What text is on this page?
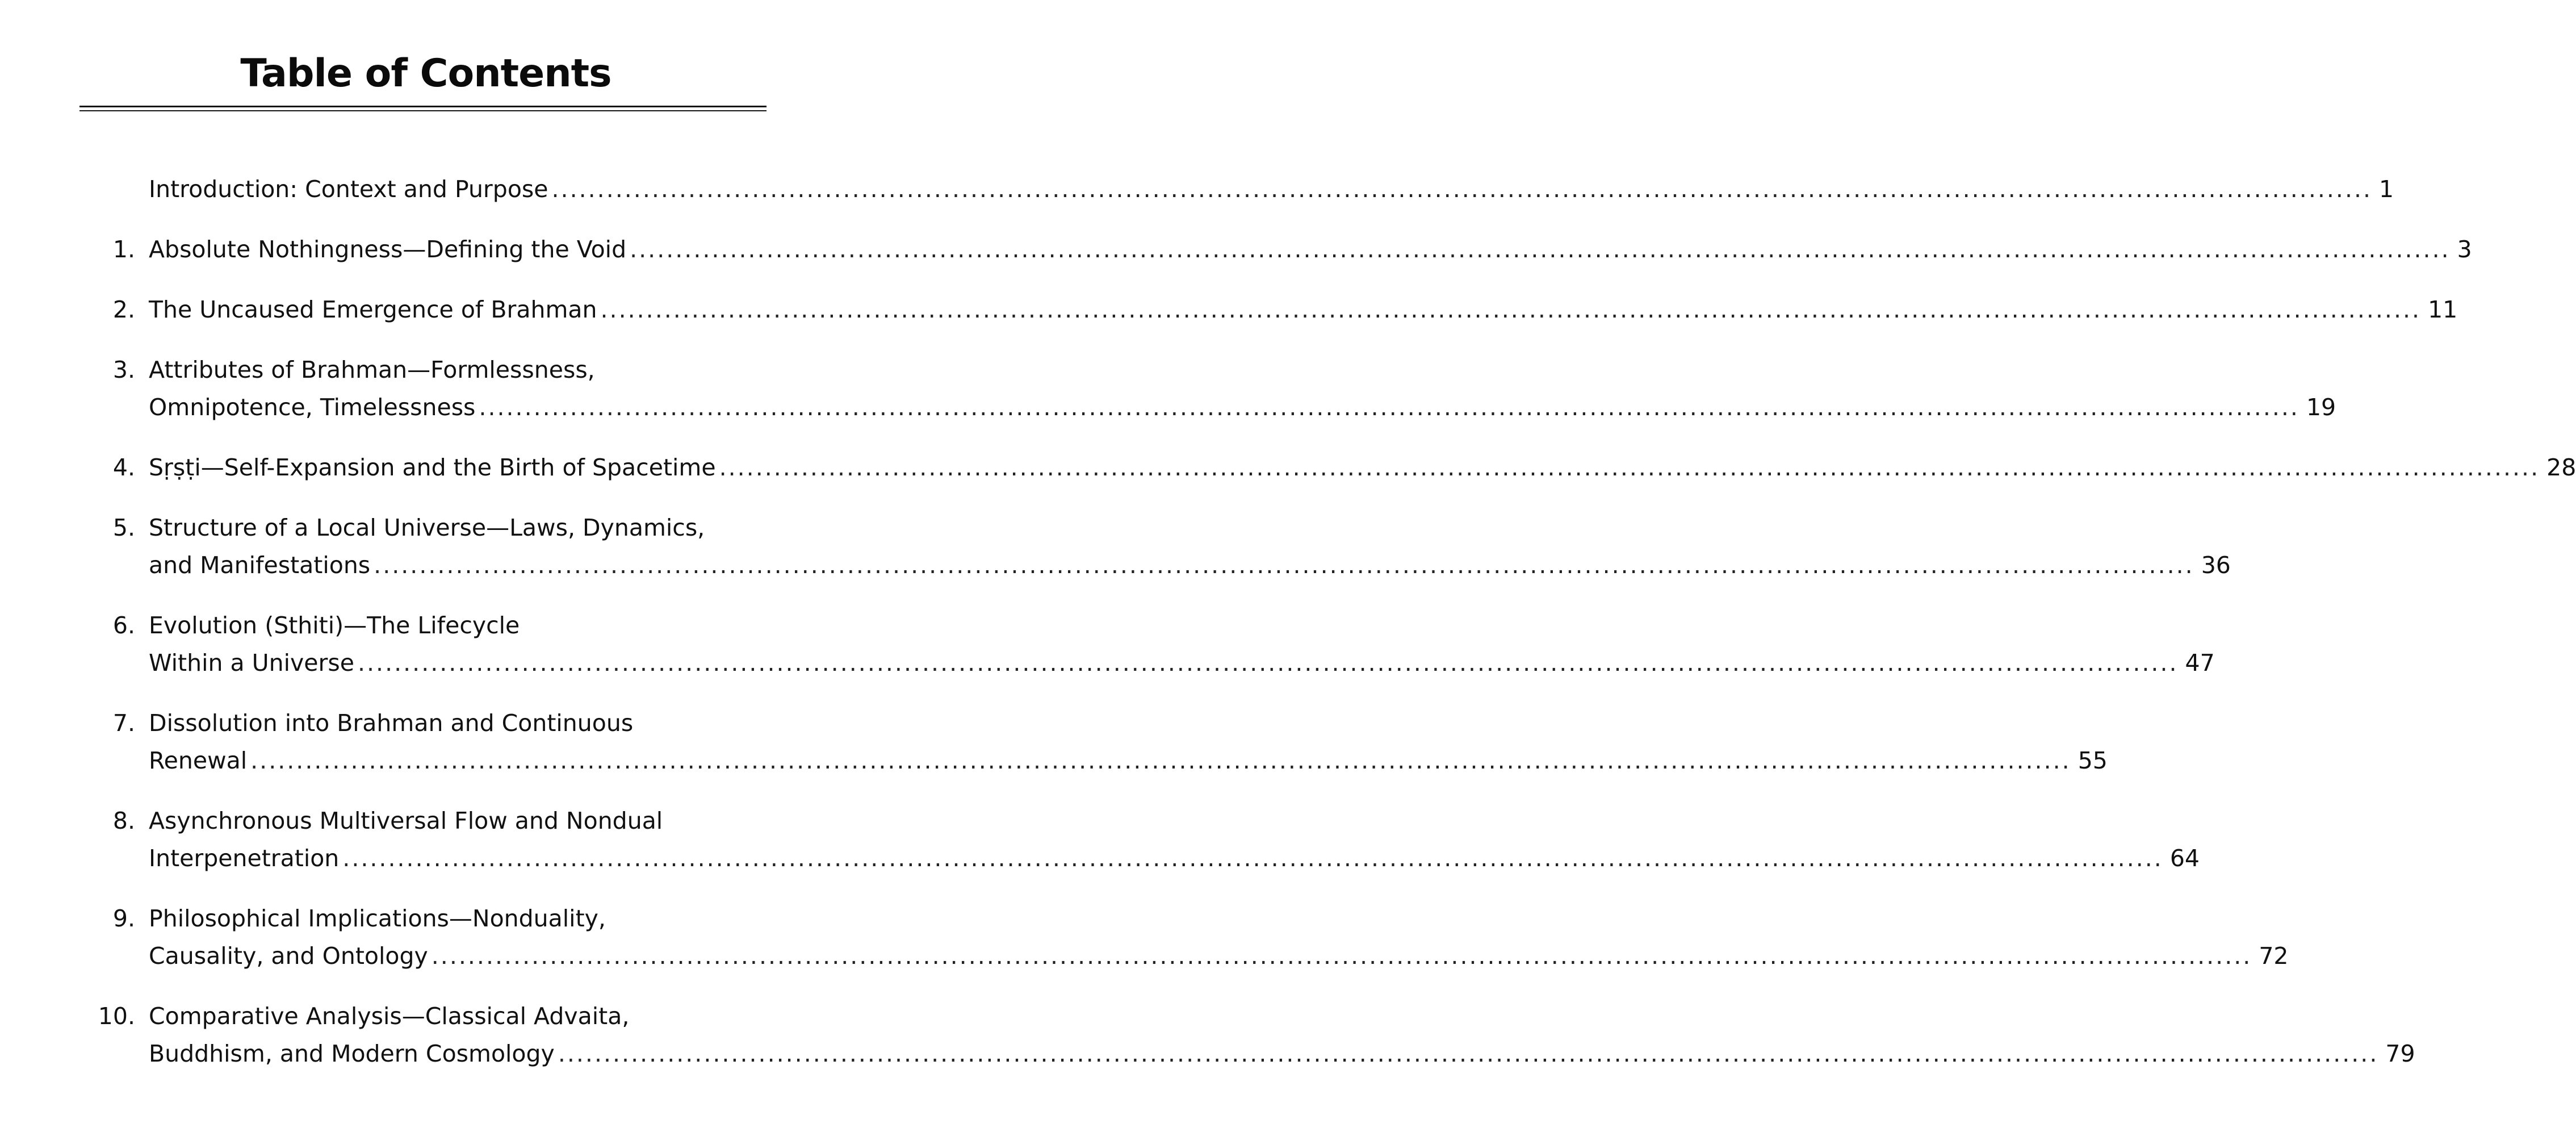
Table of Contents
Introduction: Context and Purpose ........................................................................................................................................................................................................ 1
1. Absolute Nothingness—Defining the Void ........................................................................................................................................................................................................ 3
2. The Uncaused Emergence of Brahman ........................................................................................................................................................................................................ 11
3. Attributes of Brahman—Formlessness,
Omnipotence, Timelessness ........................................................................................................................................................................................................ 19
4. Sṛṣṭi—Self-Expansion and the Birth of Spacetime ........................................................................................................................................................................................................ 28
5. Structure of a Local Universe—Laws, Dynamics,
and Manifestations ........................................................................................................................................................................................................ 36
6. Evolution (Sthiti)—The Lifecycle
Within a Universe ........................................................................................................................................................................................................ 47
7. Dissolution into Brahman and Continuous
Renewal ........................................................................................................................................................................................................ 55
8. Asynchronous Multiversal Flow and Nondual
Interpenetration ........................................................................................................................................................................................................ 64
9. Philosophical Implications—Nonduality,
Causality, and Ontology ........................................................................................................................................................................................................ 72
10. Comparative Analysis—Classical Advaita,
Buddhism, and Modern Cosmology ........................................................................................................................................................................................................ 79
